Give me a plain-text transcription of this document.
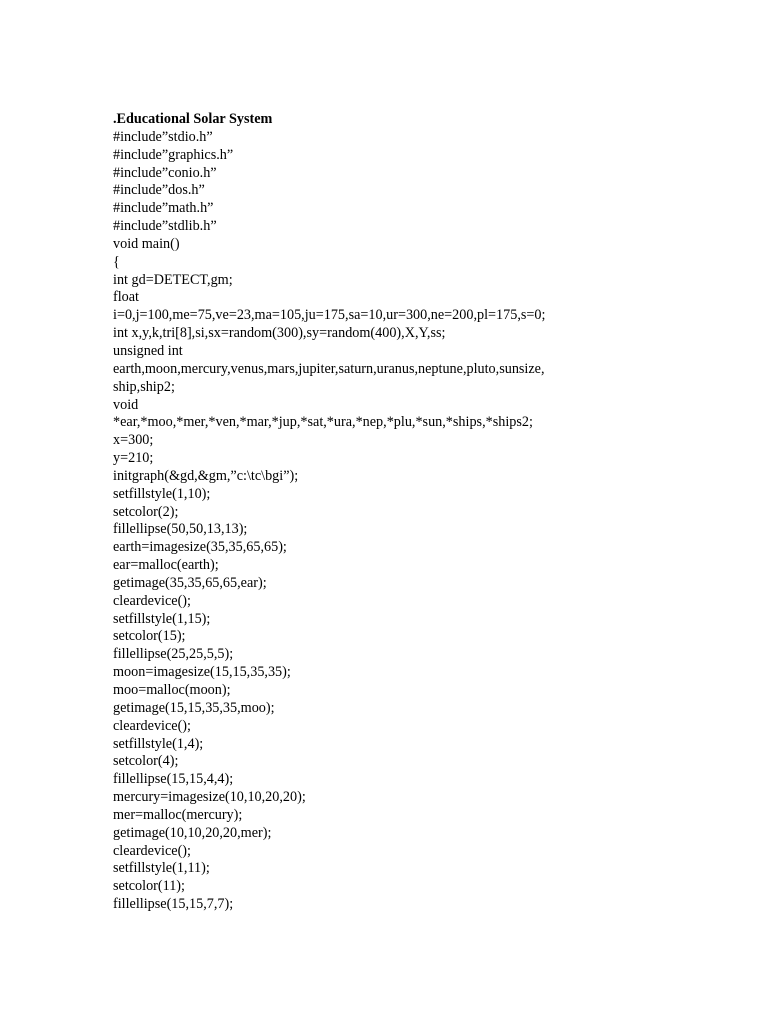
.Educational Solar System

#include”stdio.h”

#include”graphics.h”

#include”conio.h”

#include”dos.h”

#include”math.h”

#include”stdlib.h”

void main()

{

int gd=DETECT,gm;

float

i=0,j=100,me=75,ve=23,ma=105,ju=175,sa=10,ur=300,ne=200,pl=175,s=0;

int x,y,k,tri[8],si,sx=random(300),sy=random(400),X,Y,ss;

unsigned int

earth,moon,mercury,venus,mars,jupiter,saturn,uranus,neptune,pluto,sunsize,

ship,ship2;

void

*ear,*moo,*mer,*ven,*mar,*jup,*sat,*ura,*nep,*plu,*sun,*ships,*ships2;

x=300;

y=210;

initgraph(&gd,&gm,”c:\tc\bgi”);

setfillstyle(1,10);

setcolor(2);

fillellipse(50,50,13,13);

earth=imagesize(35,35,65,65);

ear=malloc(earth);

getimage(35,35,65,65,ear);

cleardevice();

setfillstyle(1,15);

setcolor(15);

fillellipse(25,25,5,5);

moon=imagesize(15,15,35,35);

moo=malloc(moon);

getimage(15,15,35,35,moo);

cleardevice();

setfillstyle(1,4);

setcolor(4);

fillellipse(15,15,4,4);

mercury=imagesize(10,10,20,20);

mer=malloc(mercury);

getimage(10,10,20,20,mer);

cleardevice();

setfillstyle(1,11);

setcolor(11);

fillellipse(15,15,7,7);
